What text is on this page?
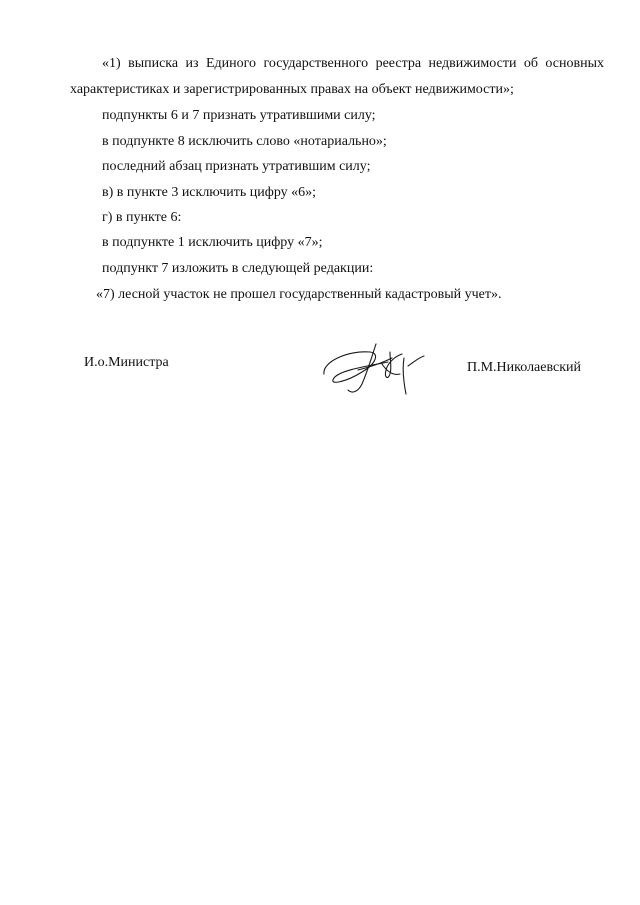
«1) выписка из Единого государственного реестра недвижимости об основных
характеристиках и зарегистрированных правах на объект недвижимости»;

подпункты 6 и 7 признать утратившими силу;

в подпункте 8 исключить слово «нотариально»;

последний абзац признать утратившим силу;

в) в пункте 3 исключить цифру «6»;

г) в пункте 6:

в подпункте 1 исключить цифру «7»;

подпункт 7 изложить в следующей редакции:

«7) лесной участок не прошел государственный кадастровый учет».

И.о.Министра	П.М.Николаевский
